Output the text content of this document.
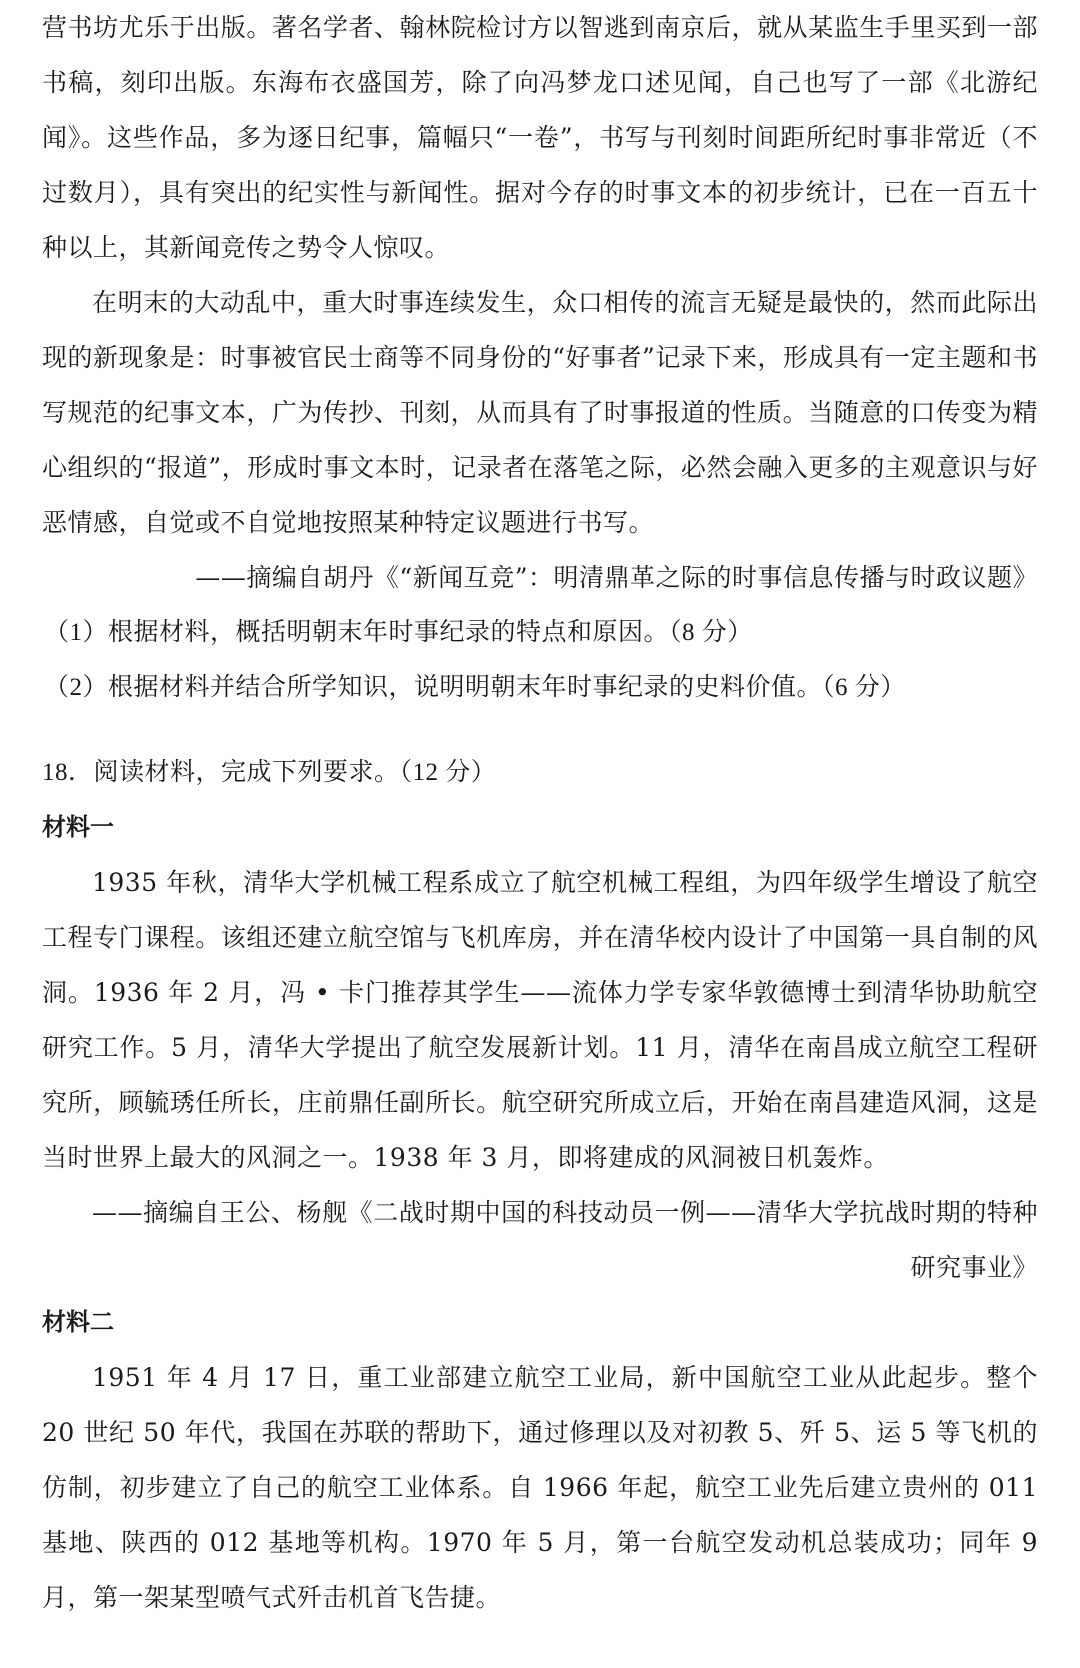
营书坊尤乐于出版。著名学者、翰林院检讨方以智逃到南京后，就从某监生手里买到一部书稿，刻印出版。东海布衣盛国芳，除了向冯梦龙口述见闻，自己也写了一部《北游纪闻》。这些作品，多为逐日纪事，篇幅只“一卷”，书写与刊刻时间距所纪时事非常近（不过数月），具有突出的纪实性与新闻性。据对今存的时事文本的初步统计，已在一百五十种以上，其新闻竞传之势令人惊叹。

在明末的大动乱中，重大时事连续发生，众口相传的流言无疑是最快的，然而此际出现的新现象是：时事被官民士商等不同身份的“好事者”记录下来，形成具有一定主题和书写规范的纪事文本，广为传抄、刊刻，从而具有了时事报道的性质。当随意的口传变为精心组织的“报道”，形成时事文本时，记录者在落笔之际，必然会融入更多的主观意识与好恶情感，自觉或不自觉地按照某种特定议题进行书写。

——摘编自胡丹《“新闻互竞”：明清鼎革之际的时事信息传播与时政议题》

（1）根据材料，概括明朝末年时事纪录的特点和原因。（8 分）

（2）根据材料并结合所学知识，说明明朝末年时事纪录的史料价值。（6 分）

18．阅读材料，完成下列要求。（12 分）

材料一

1935 年秋，清华大学机械工程系成立了航空机械工程组，为四年级学生增设了航空工程专门课程。该组还建立航空馆与飞机库房，并在清华校内设计了中国第一具自制的风洞。1936 年 2 月，冯 • 卡门推荐其学生——流体力学专家华敦德博士到清华协助航空研究工作。5 月，清华大学提出了航空发展新计划。11 月，清华在南昌成立航空工程研究所，顾毓琇任所长，庄前鼎任副所长。航空研究所成立后，开始在南昌建造风洞，这是当时世界上最大的风洞之一。1938 年 3 月，即将建成的风洞被日机轰炸。

——摘编自王公、杨舰《二战时期中国的科技动员一例——清华大学抗战时期的特种研究事业》

材料二

1951 年 4 月 17 日，重工业部建立航空工业局，新中国航空工业从此起步。整个 20 世纪 50 年代，我国在苏联的帮助下，通过修理以及对初教 5、歼 5、运 5 等飞机的仿制，初步建立了自己的航空工业体系。自 1966 年起，航空工业先后建立贵州的 011 基地、陕西的 012 基地等机构。1970 年 5 月，第一台航空发动机总装成功；同年 9 月，第一架某型喷气式歼击机首飞告捷。
